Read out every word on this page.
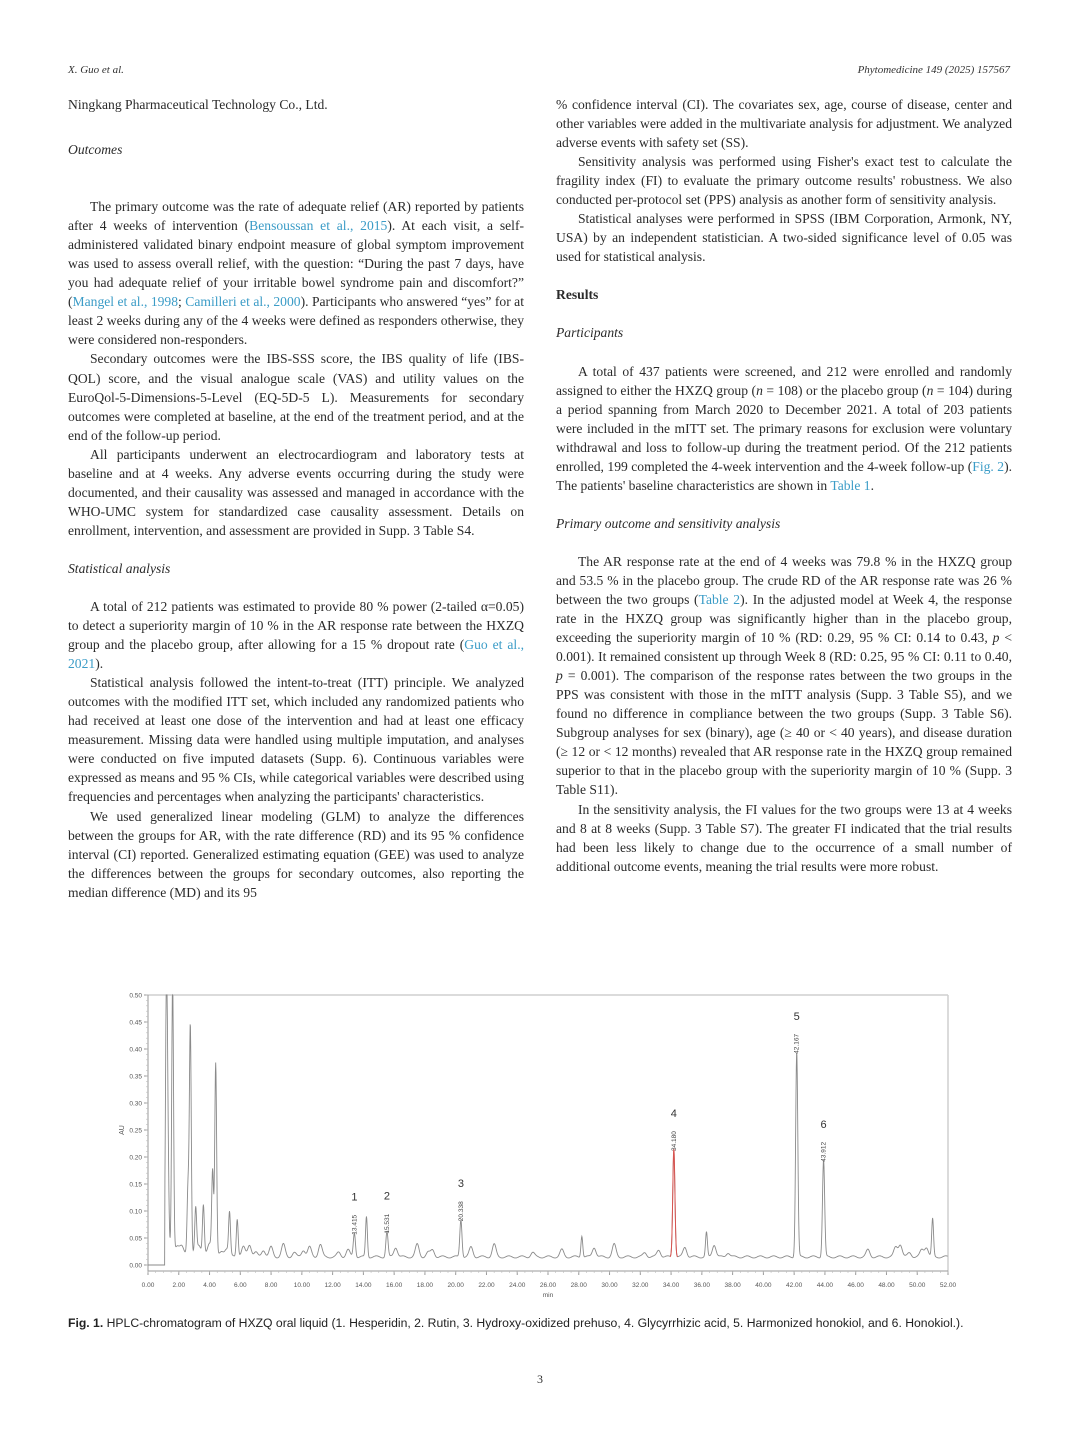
X. Guo et al.	Phytomedicine 149 (2025) 157567

Ningkang Pharmaceutical Technology Co., Ltd.

Outcomes

The primary outcome was the rate of adequate relief (AR) reported by patients after 4 weeks of intervention (Bensoussan et al., 2015). At each visit, a self-administered validated binary endpoint measure of global symptom improvement was used to assess overall relief, with the question: “During the past 7 days, have you had adequate relief of your irritable bowel syndrome pain and discomfort?” (Mangel et al., 1998; Camilleri et al., 2000). Participants who answered “yes” for at least 2 weeks during any of the 4 weeks were defined as responders otherwise, they were considered non-responders.

Secondary outcomes were the IBS-SSS score, the IBS quality of life (IBS-QOL) score, and the visual analogue scale (VAS) and utility values on the EuroQol-5-Dimensions-5-Level (EQ-5D-5 L). Measurements for secondary outcomes were completed at baseline, at the end of the treatment period, and at the end of the follow-up period.

All participants underwent an electrocardiogram and laboratory tests at baseline and at 4 weeks. Any adverse events occurring during the study were documented, and their causality was assessed and managed in accordance with the WHO-UMC system for standardized case causality assessment. Details on enrollment, intervention, and assessment are provided in Supp. 3 Table S4.

Statistical analysis

A total of 212 patients was estimated to provide 80 % power (2-tailed α=0.05) to detect a superiority margin of 10 % in the AR response rate between the HXZQ group and the placebo group, after allowing for a 15 % dropout rate (Guo et al., 2021).

Statistical analysis followed the intent-to-treat (ITT) principle. We analyzed outcomes with the modified ITT set, which included any randomized patients who had received at least one dose of the intervention and had at least one efficacy measurement. Missing data were handled using multiple imputation, and analyses were conducted on five imputed datasets (Supp. 6). Continuous variables were expressed as means and 95 % CIs, while categorical variables were described using frequencies and percentages when analyzing the participants' characteristics.

We used generalized linear modeling (GLM) to analyze the differences between the groups for AR, with the rate difference (RD) and its 95 % confidence interval (CI) reported. Generalized estimating equation (GEE) was used to analyze the differences between the groups for secondary outcomes, also reporting the median difference (MD) and its 95

% confidence interval (CI). The covariates sex, age, course of disease, center and other variables were added in the multivariate analysis for adjustment. We analyzed adverse events with safety set (SS).

Sensitivity analysis was performed using Fisher's exact test to calculate the fragility index (FI) to evaluate the primary outcome results' robustness. We also conducted per-protocol set (PPS) analysis as another form of sensitivity analysis.

Statistical analyses were performed in SPSS (IBM Corporation, Armonk, NY, USA) by an independent statistician. A two-sided significance level of 0.05 was used for statistical analysis.

Results

Participants

A total of 437 patients were screened, and 212 were enrolled and randomly assigned to either the HXZQ group (n = 108) or the placebo group (n = 104) during a period spanning from March 2020 to December 2021. A total of 203 patients were included in the mITT set. The primary reasons for exclusion were voluntary withdrawal and loss to follow-up during the treatment period. Of the 212 patients enrolled, 199 completed the 4-week intervention and the 4-week follow-up (Fig. 2). The patients' baseline characteristics are shown in Table 1.

Primary outcome and sensitivity analysis

The AR response rate at the end of 4 weeks was 79.8 % in the HXZQ group and 53.5 % in the placebo group. The crude RD of the AR response rate was 26 % between the two groups (Table 2). In the adjusted model at Week 4, the response rate in the HXZQ group was significantly higher than in the placebo group, exceeding the superiority margin of 10 % (RD: 0.29, 95 % CI: 0.14 to 0.43, p < 0.001). It remained consistent up through Week 8 (RD: 0.25, 95 % CI: 0.11 to 0.40, p = 0.001). The comparison of the response rates between the two groups in the PPS was consistent with those in the mITT analysis (Supp. 3 Table S5), and we found no difference in compliance between the two groups (Supp. 3 Table S6). Subgroup analyses for sex (binary), age (≥ 40 or < 40 years), and disease duration (≥ 12 or < 12 months) revealed that AR response rate in the HXZQ group remained superior to that in the placebo group with the superiority margin of 10 % (Supp. 3 Table S11).

In the sensitivity analysis, the FI values for the two groups were 13 at 4 weeks and 8 at 8 weeks (Supp. 3 Table S7). The greater FI indicated that the trial results had been less likely to change due to the occurrence of a small number of additional outcome events, meaning the trial results were more robust.

0.00
0.05
0.10
0.15
0.20
0.25
0.30
0.35
0.40
0.45
0.50
AU
0.00	2.00	4.00	6.00	8.00	10.00 12.00 14.00 16.00 18.00 20.00 22.00 24.00 26.00 28.00 30.00 32.00 34.00 36.00 38.00 40.00 42.00 44.00 46.00 48.00 50.00 52.00
min
13.415
1
15.531
2
20.338
3
34.180
4
42.167
5
43.912
6
Fig. 1. HPLC-chromatogram of HXZQ oral liquid (1. Hesperidin, 2. Rutin, 3. Hydroxy-oxidized prehuso, 4. Glycyrrhizic acid, 5. Harmonized honokiol, and 6. Honokiol.).
3
